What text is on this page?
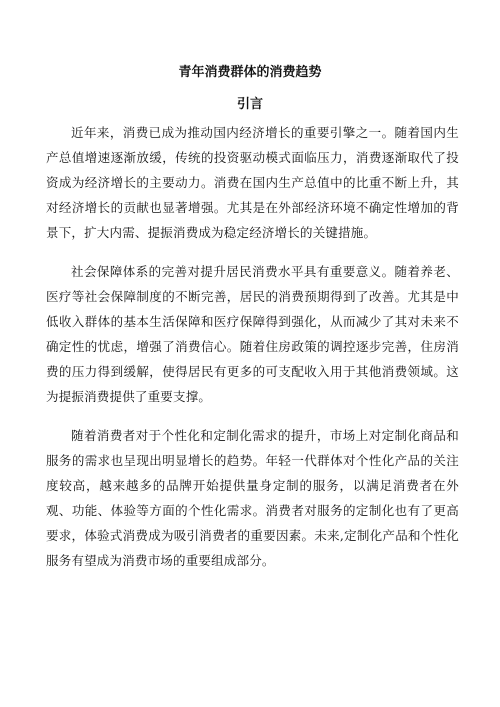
青年消费群体的消费趋势
引言

近年来，消费已成为推动国内经济增长的重要引擎之一。随着国内生产总值增速逐渐放缓，传统的投资驱动模式面临压力，消费逐渐取代了投资成为经济增长的主要动力。消费在国内生产总值中的比重不断上升，其对经济增长的贡献也显著增强。尤其是在外部经济环境不确定性增加的背景下，扩大内需、提振消费成为稳定经济增长的关键措施。

社会保障体系的完善对提升居民消费水平具有重要意义。随着养老、医疗等社会保障制度的不断完善，居民的消费预期得到了改善。尤其是中低收入群体的基本生活保障和医疗保障得到强化，从而减少了其对未来不确定性的忧虑，增强了消费信心。随着住房政策的调控逐步完善，住房消费的压力得到缓解，使得居民有更多的可支配收入用于其他消费领域。这为提振消费提供了重要支撑。

随着消费者对于个性化和定制化需求的提升，市场上对定制化商品和服务的需求也呈现出明显增长的趋势。年轻一代群体对个性化产品的关注度较高，越来越多的品牌开始提供量身定制的服务，以满足消费者在外观、功能、体验等方面的个性化需求。消费者对服务的定制化也有了更高要求，体验式消费成为吸引消费者的重要因素。未来,定制化产品和个性化服务有望成为消费市场的重要组成部分。
